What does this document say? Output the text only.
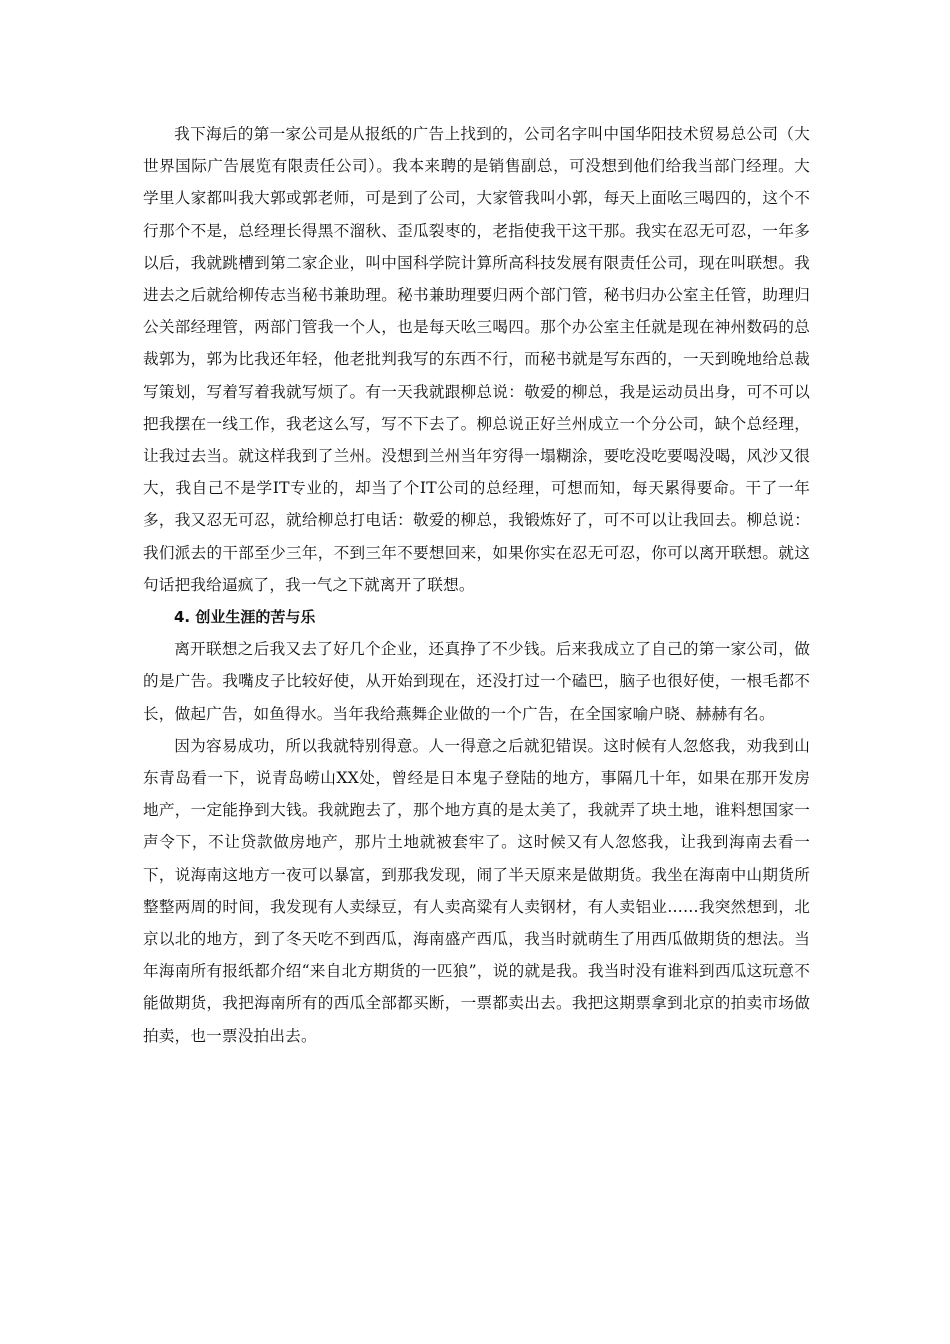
我下海后的第一家公司是从报纸的广告上找到的，公司名字叫中国华阳技术贸易总公司（大世界国际广告展览有限责任公司）。我本来聘的是销售副总，可没想到他们给我当部门经理。大学里人家都叫我大郭或郭老师，可是到了公司，大家管我叫小郭，每天上面吆三喝四的，这个不行那个不是，总经理长得黑不溜秋、歪瓜裂枣的，老指使我干这干那。我实在忍无可忍，一年多以后，我就跳槽到第二家企业，叫中国科学院计算所高科技发展有限责任公司，现在叫联想。我进去之后就给柳传志当秘书兼助理。秘书兼助理要归两个部门管，秘书归办公室主任管，助理归公关部经理管，两部门管我一个人，也是每天吆三喝四。那个办公室主任就是现在神州数码的总裁郭为，郭为比我还年轻，他老批判我写的东西不行，而秘书就是写东西的，一天到晚地给总裁写策划，写着写着我就写烦了。有一天我就跟柳总说：敬爱的柳总，我是运动员出身，可不可以把我摆在一线工作，我老这么写，写不下去了。柳总说正好兰州成立一个分公司，缺个总经理，让我过去当。就这样我到了兰州。没想到兰州当年穷得一塌糊涂，要吃没吃要喝没喝，风沙又很大，我自己不是学IT专业的，却当了个IT公司的总经理，可想而知，每天累得要命。干了一年多，我又忍无可忍，就给柳总打电话：敬爱的柳总，我锻炼好了，可不可以让我回去。柳总说：我们派去的干部至少三年，不到三年不要想回来，如果你实在忍无可忍，你可以离开联想。就这句话把我给逼疯了，我一气之下就离开了联想。

4. 创业生涯的苦与乐

离开联想之后我又去了好几个企业，还真挣了不少钱。后来我成立了自己的第一家公司，做的是广告。我嘴皮子比较好使，从开始到现在，还没打过一个磕巴，脑子也很好使，一根毛都不长，做起广告，如鱼得水。当年我给燕舞企业做的一个广告，在全国家喻户晓、赫赫有名。

因为容易成功，所以我就特别得意。人一得意之后就犯错误。这时候有人忽悠我，劝我到山东青岛看一下，说青岛崂山XX处，曾经是日本鬼子登陆的地方，事隔几十年，如果在那开发房地产，一定能挣到大钱。我就跑去了，那个地方真的是太美了，我就弄了块土地，谁料想国家一声令下，不让贷款做房地产，那片土地就被套牢了。这时候又有人忽悠我，让我到海南去看一下，说海南这地方一夜可以暴富，到那我发现，闹了半天原来是做期货。我坐在海南中山期货所整整两周的时间，我发现有人卖绿豆，有人卖高粱有人卖钢材，有人卖铝业……我突然想到，北京以北的地方，到了冬天吃不到西瓜，海南盛产西瓜，我当时就萌生了用西瓜做期货的想法。当年海南所有报纸都介绍“来自北方期货的一匹狼”，说的就是我。我当时没有谁料到西瓜这玩意不能做期货，我把海南所有的西瓜全部都买断，一票都卖出去。我把这期票拿到北京的拍卖市场做拍卖，也一票没拍出去。
